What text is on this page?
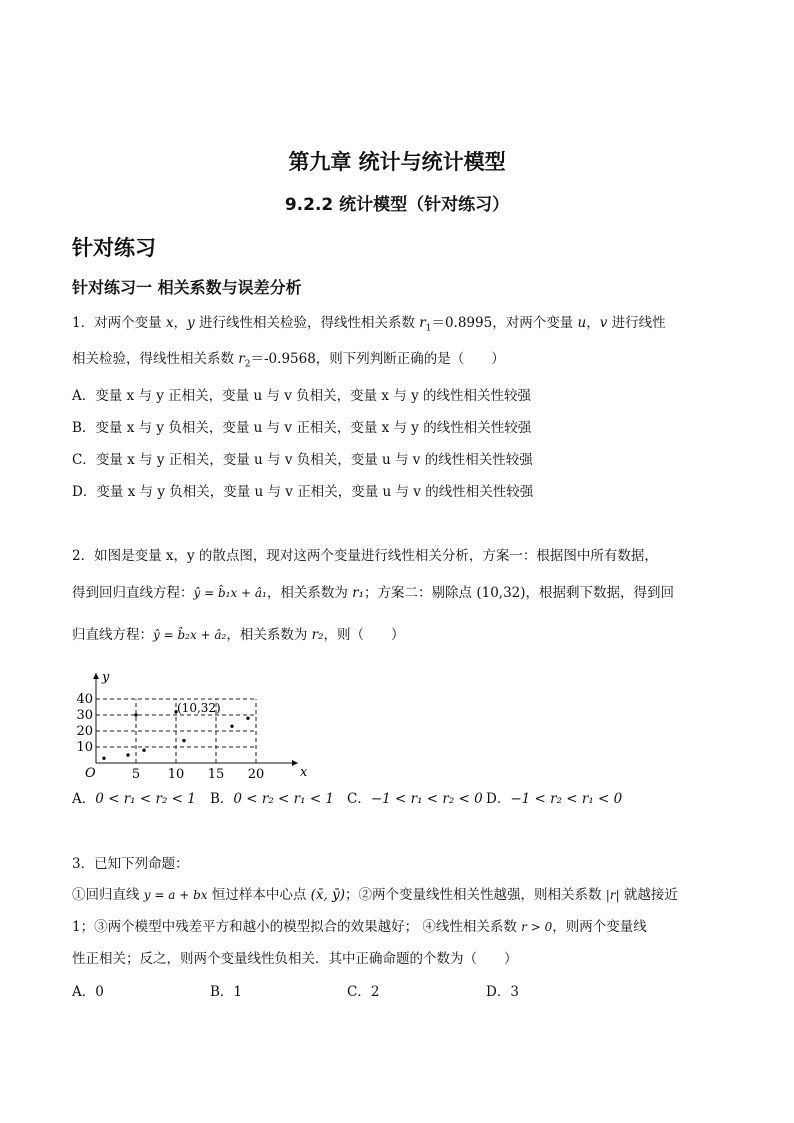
第九章 统计与统计模型
9.2.2 统计模型（针对练习）
针对练习
针对练习一 相关系数与误差分析
1．对两个变量 x，y 进行线性相关检验，得线性相关系数 $r_1=0.8995$，对两个变量 u，v 进行线性
相关检验，得线性相关系数 $r_2=-0.9568$，则下列判断正确的是（　　）
A．变量 x 与 y 正相关，变量 u 与 v 负相关，变量 x 与 y 的线性相关性较强
B．变量 x 与 y 负相关，变量 u 与 v 正相关，变量 x 与 y 的线性相关性较强
C．变量 x 与 y 正相关，变量 u 与 v 负相关，变量 u 与 v 的线性相关性较强
D．变量 x 与 y 负相关，变量 u 与 v 正相关，变量 u 与 v 的线性相关性较强
2．如图是变量 x，y 的散点图，现对这两个变量进行线性相关分析，方案一：根据图中所有数据，
得到回归直线方程：ŷ = b̂₁x + â₁，相关系数为 r₁；方案二：剔除点 (10,32)，根据剩下数据，得到回
归直线方程：ŷ = b̂₂x + â₂，相关系数为 r₂，则（　　）
5 10 15 20
10
20
30
40
x
y
O
(10,32)
A．0 < r₁ < r₂ < 1 B．0 < r₂ < r₁ < 1 C．−1 < r₁ < r₂ < 0 D．−1 < r₂ < r₁ < 0
3．已知下列命题：
①回归直线 y = a + bx 恒过样本中心点 (x̄, ȳ)；②两个变量线性相关性越强，则相关系数 |r| 就越接近
1；③两个模型中残差平方和越小的模型拟合的效果越好； ④线性相关系数 r > 0，则两个变量线
性正相关；反之，则两个变量线性负相关．其中正确命题的个数为（　　）
A．0	B．1	C．2	D．3
